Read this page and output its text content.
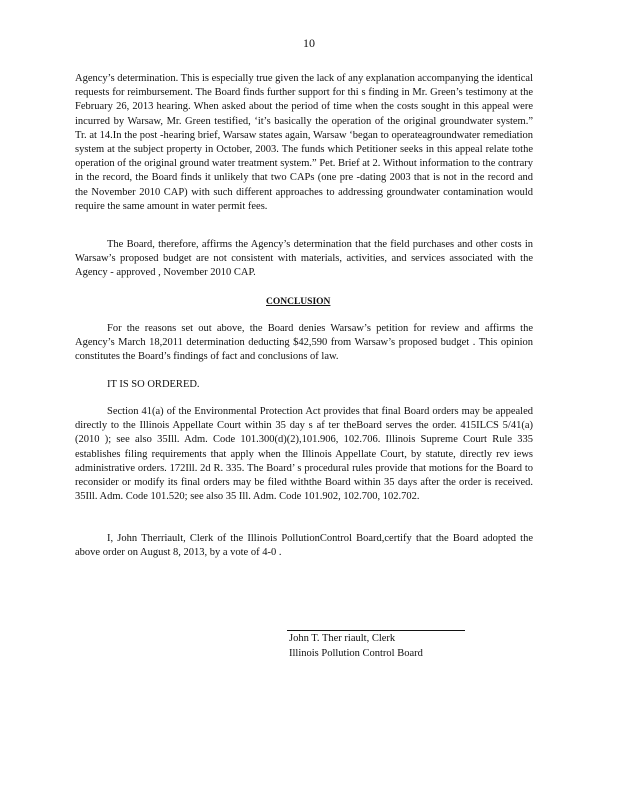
10

Agency’s determination. This is especially true given the lack of any explanation accompanying the identical requests for reimbursement. The Board finds further support for thi s finding in Mr. Green’s testimony at the February 26, 2013 hearing. When asked about the period of time when the costs sought in this appeal were incurred by Warsaw, Mr. Green testified, ‘it’s basically the operation of the original groundwater system.” Tr. at 14.In the post -hearing brief, Warsaw states again, Warsaw ‘began to operateagroundwater remediation system at the subject property in October, 2003. The funds which Petitioner seeks in this appeal relate tothe operation of the original ground water treatment system.” Pet. Brief at 2. Without information to the contrary in the record, the Board finds it unlikely that two CAPs (one pre -dating 2003 that is not in the record and the November 2010 CAP) with such different approaches to addressing groundwater contamination would require the same amount in water permit fees.

The Board, therefore, affirms the Agency’s determination that the field purchases and other costs in Warsaw’s proposed budget are not consistent with materials, activities, and services associated with the Agency - approved , November 2010 CAP.

CONCLUSION

For the reasons set out above, the Board denies Warsaw’s petition for review and affirms the Agency’s March 18,2011 determination deducting $42,590 from Warsaw’s proposed budget . This opinion constitutes the Board’s findings of fact and conclusions of law.

IT IS SO ORDERED.

Section 41(a) of the Environmental Protection Act provides that final Board orders may be appealed directly to the Illinois Appellate Court within 35 day s af ter theBoard serves the order. 415ILCS 5/41(a) (2010 ); see also 35Ill. Adm. Code 101.300(d)(2),101.906, 102.706. Illinois Supreme Court Rule 335 establishes filing requirements that apply when the Illinois Appellate Court, by statute, directly rev iews administrative orders. 172Ill. 2d R. 335. The Board’ s procedural rules provide that motions for the Board to reconsider or modify its final orders may be filed withthe Board within 35 days after the order is received. 35Ill. Adm. Code 101.520; see also 35 Ill. Adm. Code 101.902, 102.700, 102.702.

I, John Therriault, Clerk of the Illinois PollutionControl Board,certify that the Board adopted the above order on August 8, 2013, by a vote of 4-0 .

John T. Ther riault, Clerk
Illinois Pollution Control Board
